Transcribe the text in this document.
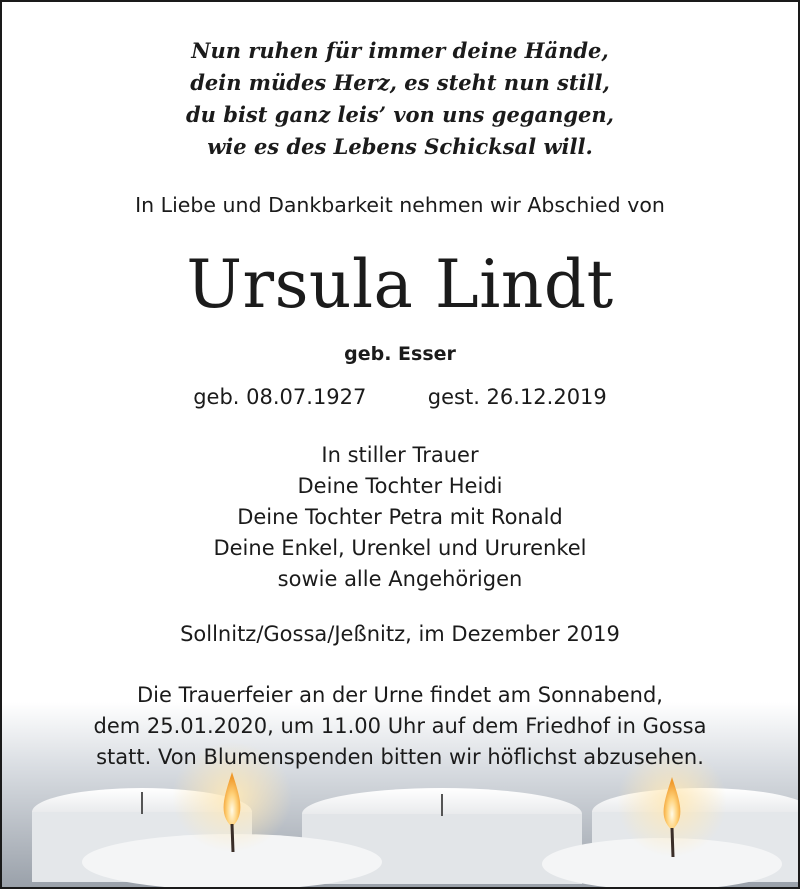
Nun ruhen für immer deine Hände,
dein müdes Herz, es steht nun still,
du bist ganz leis’ von uns gegangen,
wie es des Lebens Schicksal will.
In Liebe und Dankbarkeit nehmen wir Abschied von
Ursula Lindt
geb. Esser
geb. 08.07.1927	gest. 26.12.2019
In stiller Trauer
Deine Tochter Heidi
Deine Tochter Petra mit Ronald
Deine Enkel, Urenkel und Ururenkel
sowie alle Angehörigen
Sollnitz/Gossa/Jeßnitz, im Dezember 2019
Die Trauerfeier an der Urne findet am Sonnabend,
dem 25.01.2020, um 11.00 Uhr auf dem Friedhof in Gossa
statt. Von Blumenspenden bitten wir höflichst abzusehen.
